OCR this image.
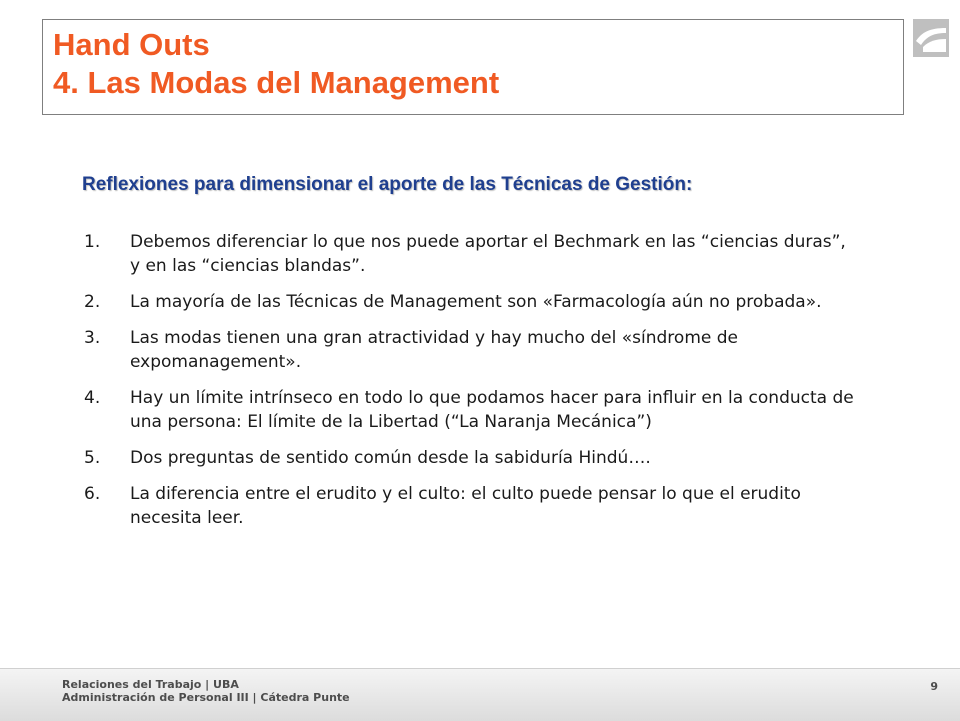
Hand Outs
4. Las Modas del Management
Reflexiones para dimensionar el aporte de las Técnicas de Gestión:
1. Debemos diferenciar lo que nos puede aportar el Bechmark en las “ciencias duras”, y en las “ciencias blandas”.
2. La mayoría de las Técnicas de Management son «Farmacología aún no probada».
3. Las modas tienen una gran atractividad y hay mucho del «síndrome de expomanagement».
4. Hay un límite intrínseco en todo lo que podamos hacer para influir en la conducta de una persona: El límite de la Libertad (“La Naranja Mecánica”)
5. Dos preguntas de sentido común desde la sabiduría Hindú….
6. La diferencia entre el erudito y el culto: el culto puede pensar lo que el erudito necesita leer.
Relaciones del Trabajo | UBA
Administración de Personal III | Cátedra Punte
9
